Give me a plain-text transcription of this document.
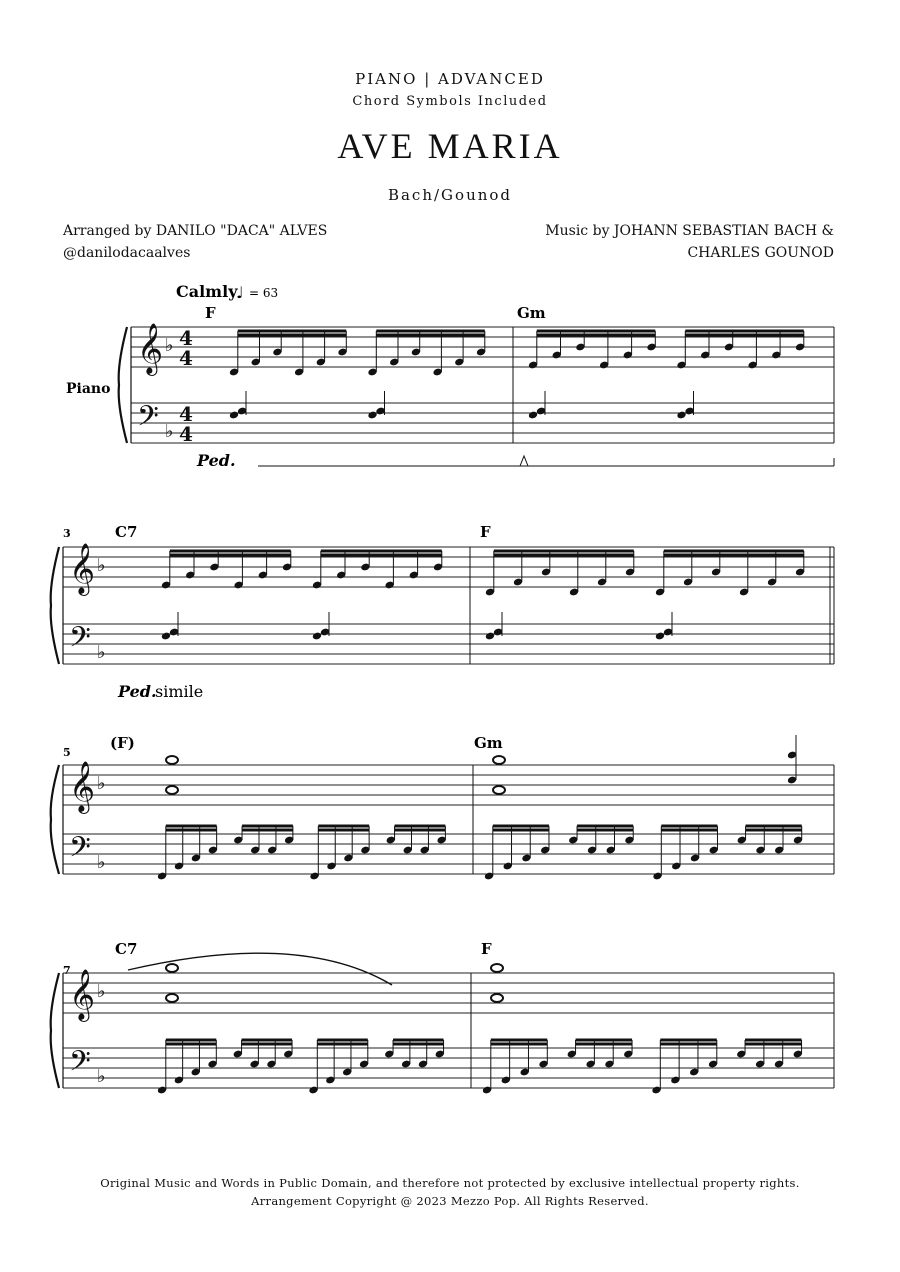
PIANO | ADVANCED
Chord Symbols Included
AVE MARIA
Bach/Gounod
Arranged by DANILO "DACA" ALVES
@danilodacaalves
Music by JOHANN SEBASTIAN BACH &
CHARLES GOUNOD
Calmly
♩ = 63
Piano
F	Gm
C7	F
(F)	Gm
C7	F
3
5
7
Ped.
Ped.
simile
𝄞
𝄢
♭
♭
4
4
4
4
𝄞
𝄢
♭
♭
𝄞
𝄢
♭
♭
𝄞
𝄢
♭
♭
Original Music and Words in Public Domain, and therefore not protected by exclusive intellectual property rights.
Arrangement Copyright @ 2023 Mezzo Pop. All Rights Reserved.
